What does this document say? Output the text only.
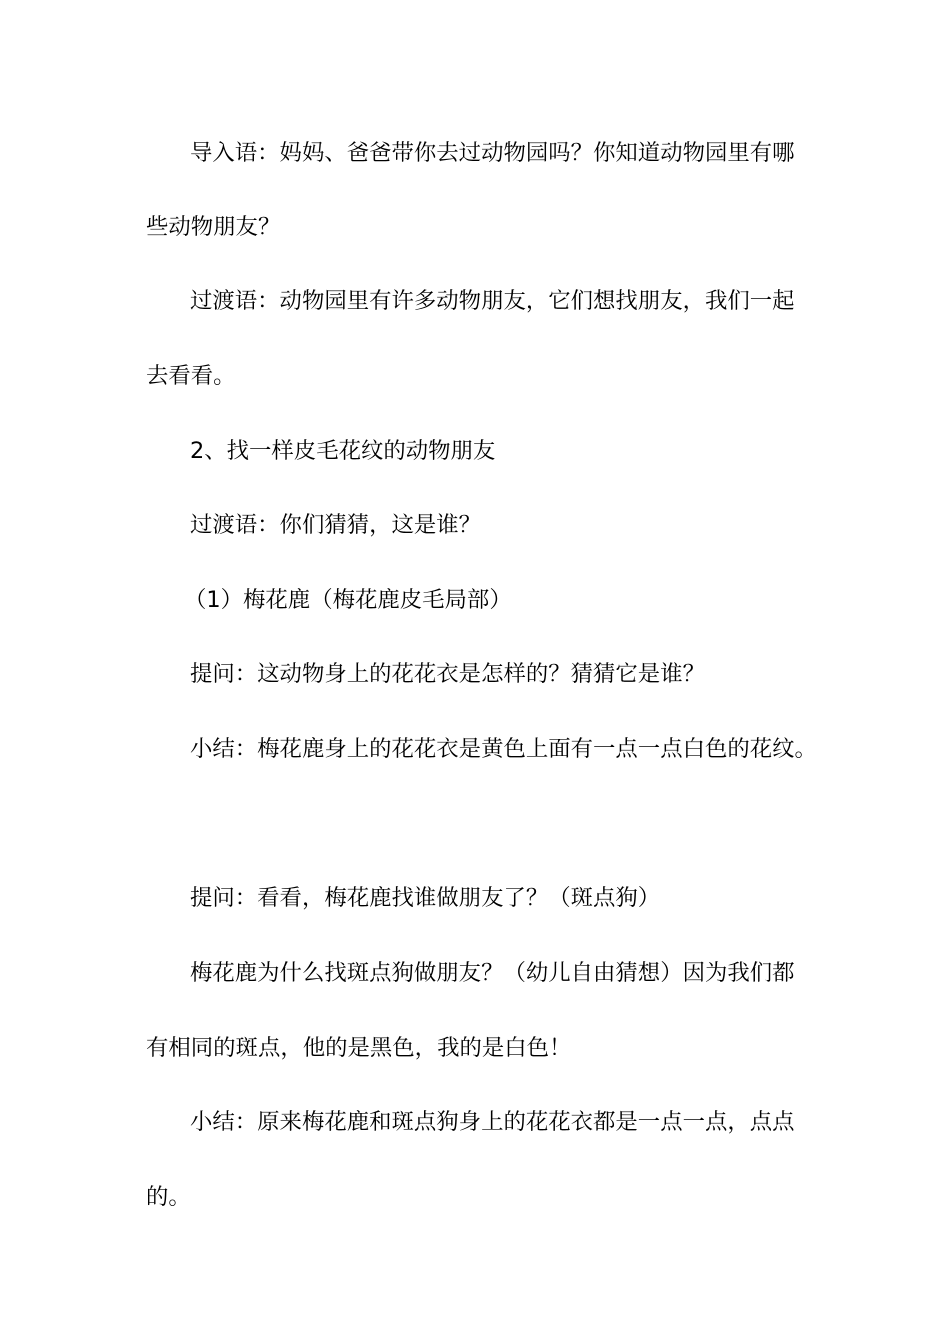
导入语：妈妈、爸爸带你去过动物园吗？你知道动物园里有哪
些动物朋友？
过渡语：动物园里有许多动物朋友，它们想找朋友，我们一起
去看看。
2、找一样皮毛花纹的动物朋友
过渡语：你们猜猜，这是谁？
（1）梅花鹿（梅花鹿皮毛局部）
提问：这动物身上的花花衣是怎样的？猜猜它是谁？
小结：梅花鹿身上的花花衣是黄色上面有一点一点白色的花纹。
提问：看看，梅花鹿找谁做朋友了？（斑点狗）
梅花鹿为什么找斑点狗做朋友？（幼儿自由猜想）因为我们都
有相同的斑点，他的是黑色，我的是白色！
小结：原来梅花鹿和斑点狗身上的花花衣都是一点一点，点点
的。
